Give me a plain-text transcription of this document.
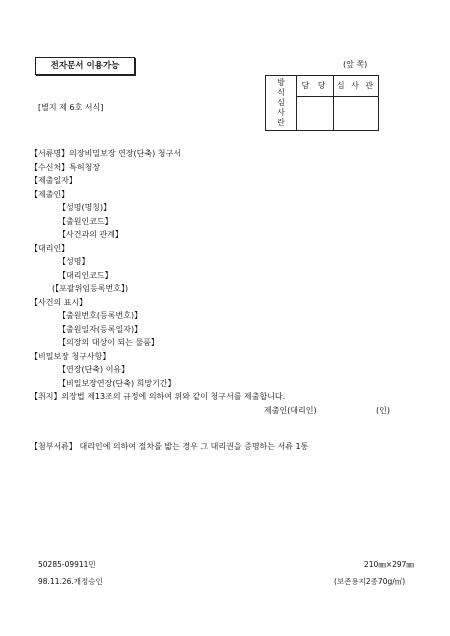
전자문서 이용가능	(앞 쪽)
[별지 제 6호 서식]
방식심사란	담 당	심 사 관

【서류명】의장비밀보장 연장(단축) 청구서
【수신처】특허청장
【제출일자】
【제출인】
【성명(명칭)】
【출원인코드】
【사건과의 관계】
【대리인】
【성명】
【대리인코드】
(【포괄위임등록번호】)
【사건의 표시】
【출원번호(등록번호)】
【출원일자(등록일자)】
【의장의 대상이 되는 물품】
【비밀보장 청구사항】
【연장(단축) 이유】
【비밀보장연장(단축) 희망기간】
【취지】의장법 제13조의 규정에 의하여 위와 같이 청구서를 제출합니다.
제출인(대리인)	(인)
【첨부서류】 대리인에 의하여 절차를 밟는 경우 그 대리권을 증명하는 서류 1통
50285-09911민
98.11.26.개정승인
210㎜×297㎜
(보존용지2종70g/㎡)
